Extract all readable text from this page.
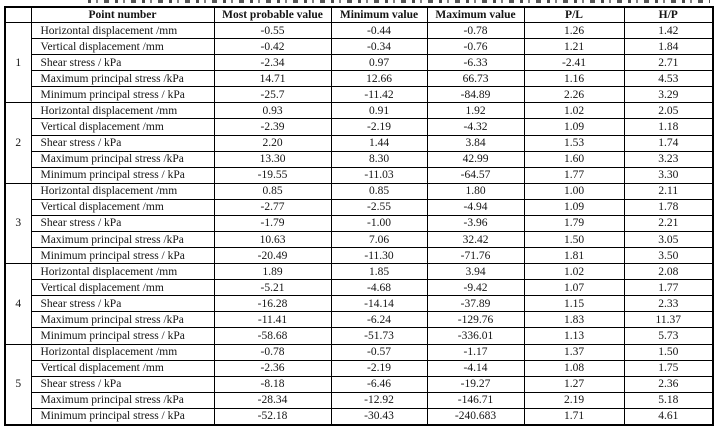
	Point number	Most probable value	Minimum value	Maximum value	P/L	H/P
1	Horizontal displacement /mm	-0.55	-0.44	-0.78	1.26	1.42
	Vertical displacement /mm	-0.42	-0.34	-0.76	1.21	1.84
	Shear stress / kPa	-2.34	0.97	-6.33	-2.41	2.71
	Maximum principal stress /kPa	14.71	12.66	66.73	1.16	4.53
	Minimum principal stress / kPa	-25.7	-11.42	-84.89	2.26	3.29
2	Horizontal displacement /mm	0.93	0.91	1.92	1.02	2.05
	Vertical displacement /mm	-2.39	-2.19	-4.32	1.09	1.18
	Shear stress / kPa	2.20	1.44	3.84	1.53	1.74
	Maximum principal stress /kPa	13.30	8.30	42.99	1.60	3.23
	Minimum principal stress / kPa	-19.55	-11.03	-64.57	1.77	3.30
3	Horizontal displacement /mm	0.85	0.85	1.80	1.00	2.11
	Vertical displacement /mm	-2.77	-2.55	-4.94	1.09	1.78
	Shear stress / kPa	-1.79	-1.00	-3.96	1.79	2.21
	Maximum principal stress /kPa	10.63	7.06	32.42	1.50	3.05
	Minimum principal stress / kPa	-20.49	-11.30	-71.76	1.81	3.50
4	Horizontal displacement /mm	1.89	1.85	3.94	1.02	2.08
	Vertical displacement /mm	-5.21	-4.68	-9.42	1.07	1.77
	Shear stress / kPa	-16.28	-14.14	-37.89	1.15	2.33
	Maximum principal stress /kPa	-11.41	-6.24	-129.76	1.83	11.37
	Minimum principal stress / kPa	-58.68	-51.73	-336.01	1.13	5.73
5	Horizontal displacement /mm	-0.78	-0.57	-1.17	1.37	1.50
	Vertical displacement /mm	-2.36	-2.19	-4.14	1.08	1.75
	Shear stress / kPa	-8.18	-6.46	-19.27	1.27	2.36
	Maximum principal stress /kPa	-28.34	-12.92	-146.71	2.19	5.18
	Minimum principal stress / kPa	-52.18	-30.43	-240.683	1.71	4.61
